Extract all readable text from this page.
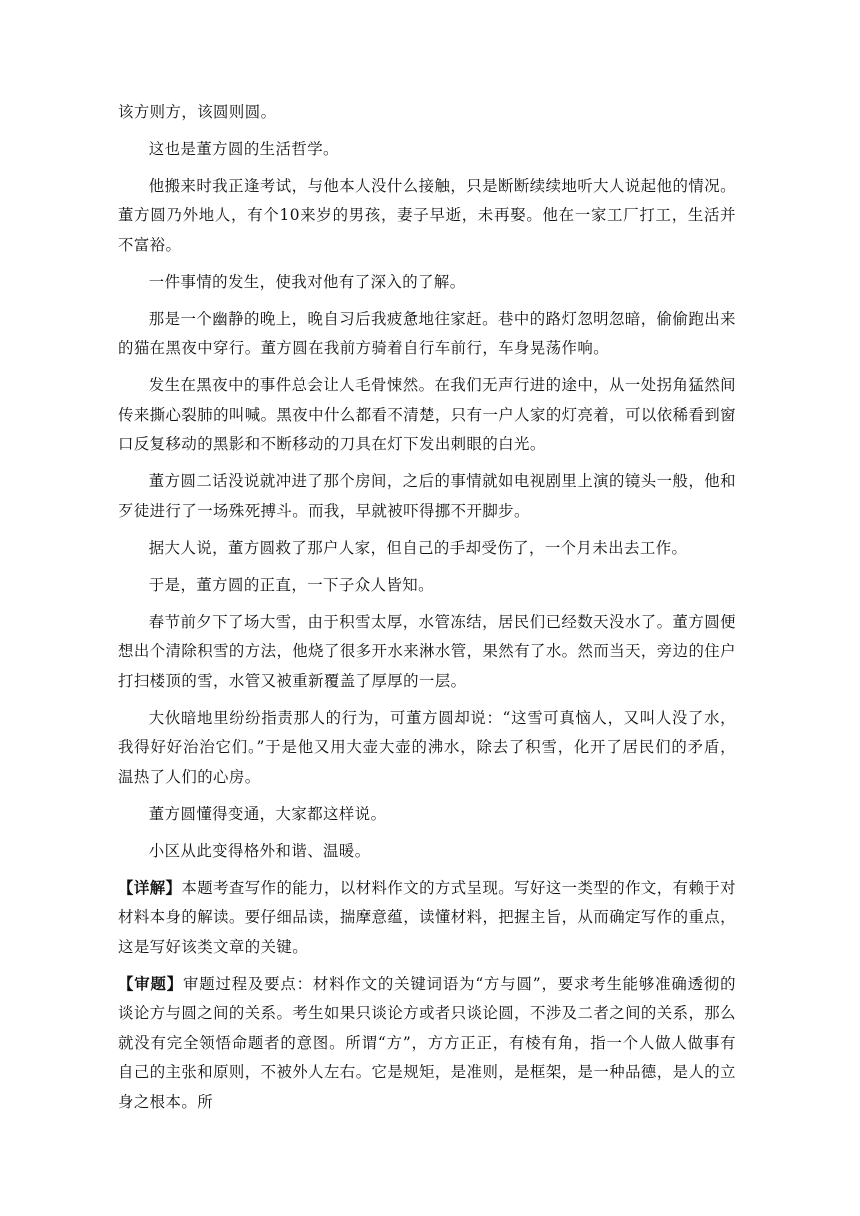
该方则方，该圆则圆。

这也是董方圆的生活哲学。

他搬来时我正逢考试，与他本人没什么接触，只是断断续续地听大人说起他的情况。董方圆乃外地人，有个10来岁的男孩，妻子早逝，未再娶。他在一家工厂打工，生活并不富裕。

一件事情的发生，使我对他有了深入的了解。

那是一个幽静的晚上，晚自习后我疲惫地往家赶。巷中的路灯忽明忽暗，偷偷跑出来的猫在黑夜中穿行。董方圆在我前方骑着自行车前行，车身晃荡作响。

发生在黑夜中的事件总会让人毛骨悚然。在我们无声行进的途中，从一处拐角猛然间传来撕心裂肺的叫喊。黑夜中什么都看不清楚，只有一户人家的灯亮着，可以依稀看到窗口反复移动的黑影和不断移动的刀具在灯下发出刺眼的白光。

董方圆二话没说就冲进了那个房间，之后的事情就如电视剧里上演的镜头一般，他和歹徒进行了一场殊死搏斗。而我，早就被吓得挪不开脚步。

据大人说，董方圆救了那户人家，但自己的手却受伤了，一个月未出去工作。

于是，董方圆的正直，一下子众人皆知。

春节前夕下了场大雪，由于积雪太厚，水管冻结，居民们已经数天没水了。董方圆便想出个清除积雪的方法，他烧了很多开水来淋水管，果然有了水。然而当天，旁边的住户打扫楼顶的雪，水管又被重新覆盖了厚厚的一层。

大伙暗地里纷纷指责那人的行为，可董方圆却说：“这雪可真恼人，又叫人没了水，我得好好治治它们。”于是他又用大壶大壶的沸水，除去了积雪，化开了居民们的矛盾，温热了人们的心房。

董方圆懂得变通，大家都这样说。

小区从此变得格外和谐、温暖。

【详解】本题考查写作的能力，以材料作文的方式呈现。写好这一类型的作文，有赖于对材料本身的解读。要仔细品读，揣摩意蕴，读懂材料，把握主旨，从而确定写作的重点，这是写好该类文章的关键。

【审题】审题过程及要点：材料作文的关键词语为“方与圆”，要求考生能够准确透彻的谈论方与圆之间的关系。考生如果只谈论方或者只谈论圆，不涉及二者之间的关系，那么就没有完全领悟命题者的意图。所谓“方”，方方正正，有棱有角，指一个人做人做事有自己的主张和原则，不被外人左右。它是规矩，是准则，是框架，是一种品德，是人的立身之根本。所
